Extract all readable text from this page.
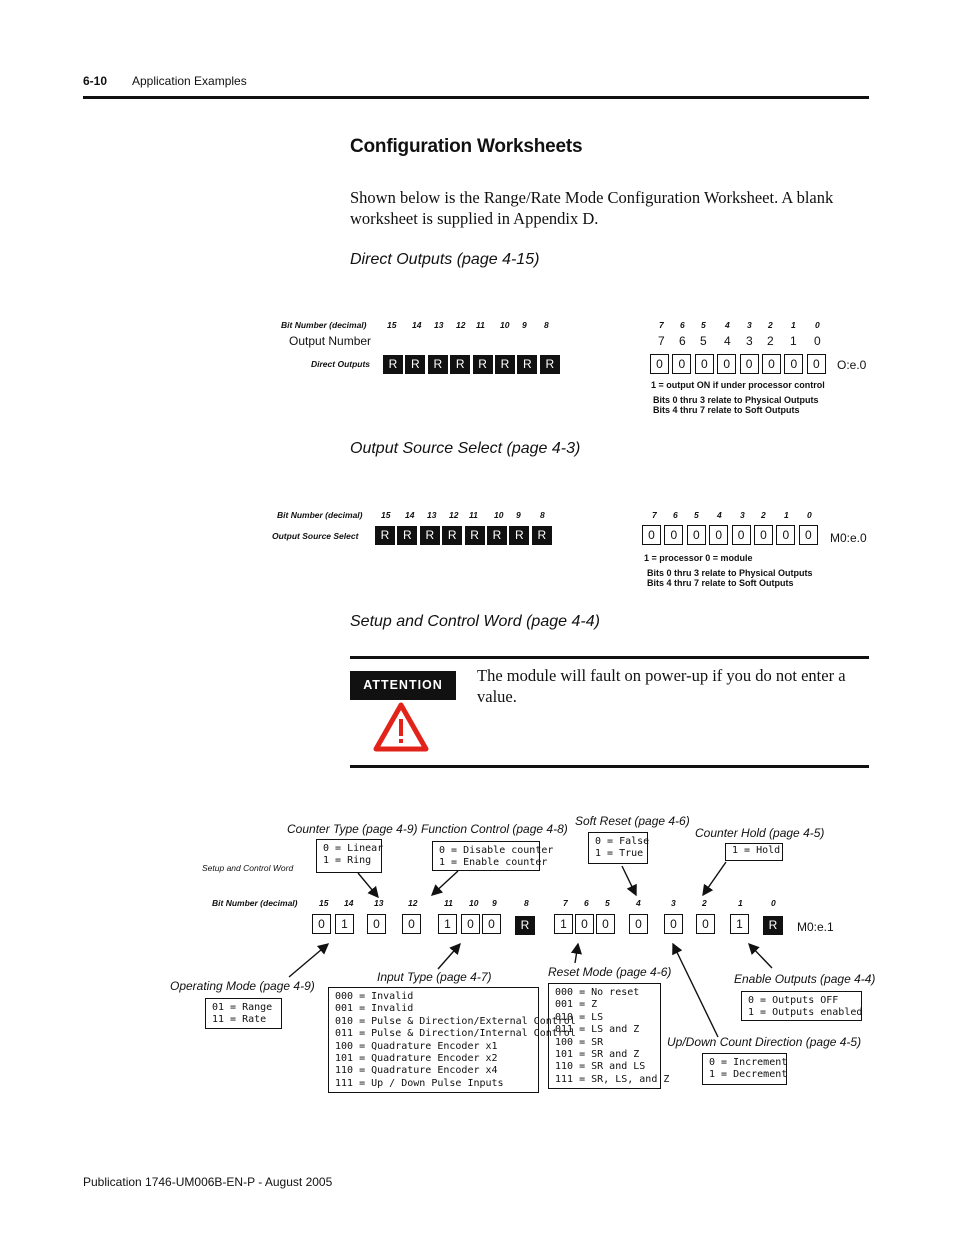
6-10 Application Examples
Configuration Worksheets
Shown below is the Range/Rate Mode Configuration Worksheet. A blank worksheet is supplied in Appendix D.
Direct Outputs (page 4-15)
Bit Number (decimal)
Output Number
Direct Outputs
15 14 13 12 11 10 9 8
R	R	R	R	R	R	R	R
7 6 5 4 3 2 1 0
7 6 5 4 3 2 1 0
0	0	0	0	0	0	0	0	O:e.0
1 = output ON if under processor control
Bits 0 thru 3 relate to Physical Outputs
Bits 4 thru 7 relate to Soft Outputs
Output Source Select (page 4-3)
Bit Number (decimal)
Output Source Select
15 14 13 12 11 10 9 8
R	R	R	R	R	R	R	R
7 6 5 4 3 2 1 0
0	0	0	0	0	0	0	0	M0:e.0
1 = processor 0 = module
Bits 0 thru 3 relate to Physical Outputs
Bits 4 thru 7 relate to Soft Outputs
Setup and Control Word (page 4-4)
ATTENTION	The module will fault on power-up if you do not enter a value.
Setup and Control Word
Bit Number (decimal)	15 14 13	12	11 10 9	8	7 6 5	4	3	2	1	0
0	1	0	0	1	0	0	R	1	0	0	0	0	0	1	R	M0:e.1
Counter Type (page 4-9)
0 = Linear
1 = Ring
Function Control (page 4-8)
0 = Disable counter
1 = Enable counter
Soft Reset (page 4-6)
0 = False
1 = True
Counter Hold (page 4-5)
1 = Hold
Operating Mode (page 4-9)
01 = Range
11 = Rate
Input Type (page 4-7)
000 = Invalid
001 = Invalid
010 = Pulse & Direction/External Control
011 = Pulse & Direction/Internal Control
100 = Quadrature Encoder x1
101 = Quadrature Encoder x2
110 = Quadrature Encoder x4
111 = Up / Down Pulse Inputs
Reset Mode (page 4-6)
000 = No reset
001 = Z
010 = LS
011 = LS and Z
100 = SR
101 = SR and Z
110 = SR and LS
111 = SR, LS, and Z
Enable Outputs (page 4-4)
0 = Outputs OFF
1 = Outputs enabled
Up/Down Count Direction (page 4-5)
0 = Increment
1 = Decrement
Publication 1746-UM006B-EN-P - August 2005
